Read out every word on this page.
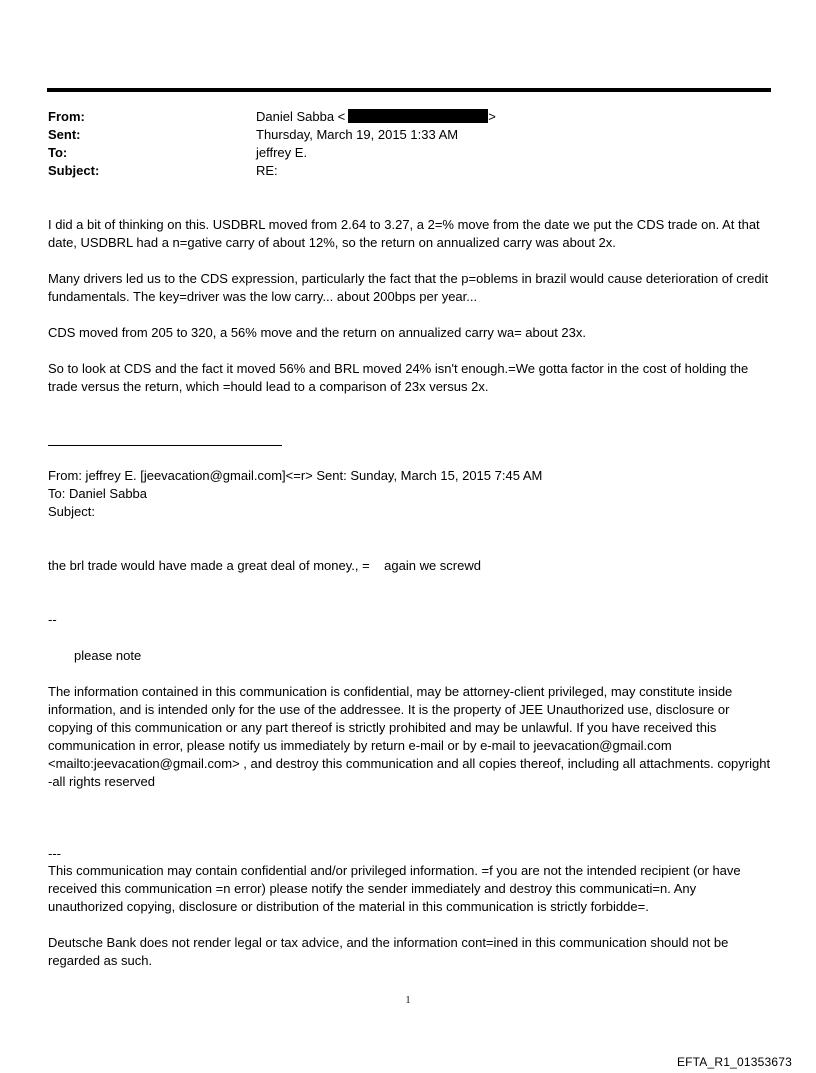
From:	Daniel Sabba <	>
Sent:	Thursday, March 19, 2015 1:33 AM
To:	jeffrey E.
Subject:	RE:

I did a bit of thinking on this. USDBRL moved from 2.64 to 3.27, a 2=% move from the date we put the CDS trade on. At that date, USDBRL had a n=gative carry of about 12%, so the return on annualized carry was about 2x.

Many drivers led us to the CDS expression, particularly the fact that the p=oblems in brazil would cause deterioration of credit fundamentals. The key=driver was the low carry... about 200bps per year...

CDS moved from 205 to 320, a 56% move and the return on annualized carry wa= about 23x.

So to look at CDS and the fact it moved 56% and BRL moved 24% isn't enough.=We gotta factor in the cost of holding the trade versus the return, which =hould lead to a comparison of 23x versus 2x.

From: jeffrey E. [jeevacation@gmail.com]<=r> Sent: Sunday, March 15, 2015 7:45 AM

To: Daniel Sabba

Subject:

the brl trade would have made a great deal of money., =    again we screwd

--

please note

The information contained in this communication is confidential, may be attorney-client privileged, may constitute inside information, and is intended only for the use of the addressee. It is the property of JEE Unauthorized use, disclosure or copying of this communication or any part thereof is strictly prohibited and may be unlawful. If you have received this communication in error, please notify us immediately by return e-mail or by e-mail to jeevacation@gmail.com <mailto:jeevacation@gmail.com> , and destroy this communication and all copies thereof, including all attachments. copyright -all rights reserved

---

This communication may contain confidential and/or privileged information. =f you are not the intended recipient (or have received this communication =n error) please notify the sender immediately and destroy this communicati=n. Any unauthorized copying, disclosure or distribution of the material in this communication is strictly forbidde=.

Deutsche Bank does not render legal or tax advice, and the information cont=ined in this communication should not be regarded as such.

1
EFTA_R1_01353673
